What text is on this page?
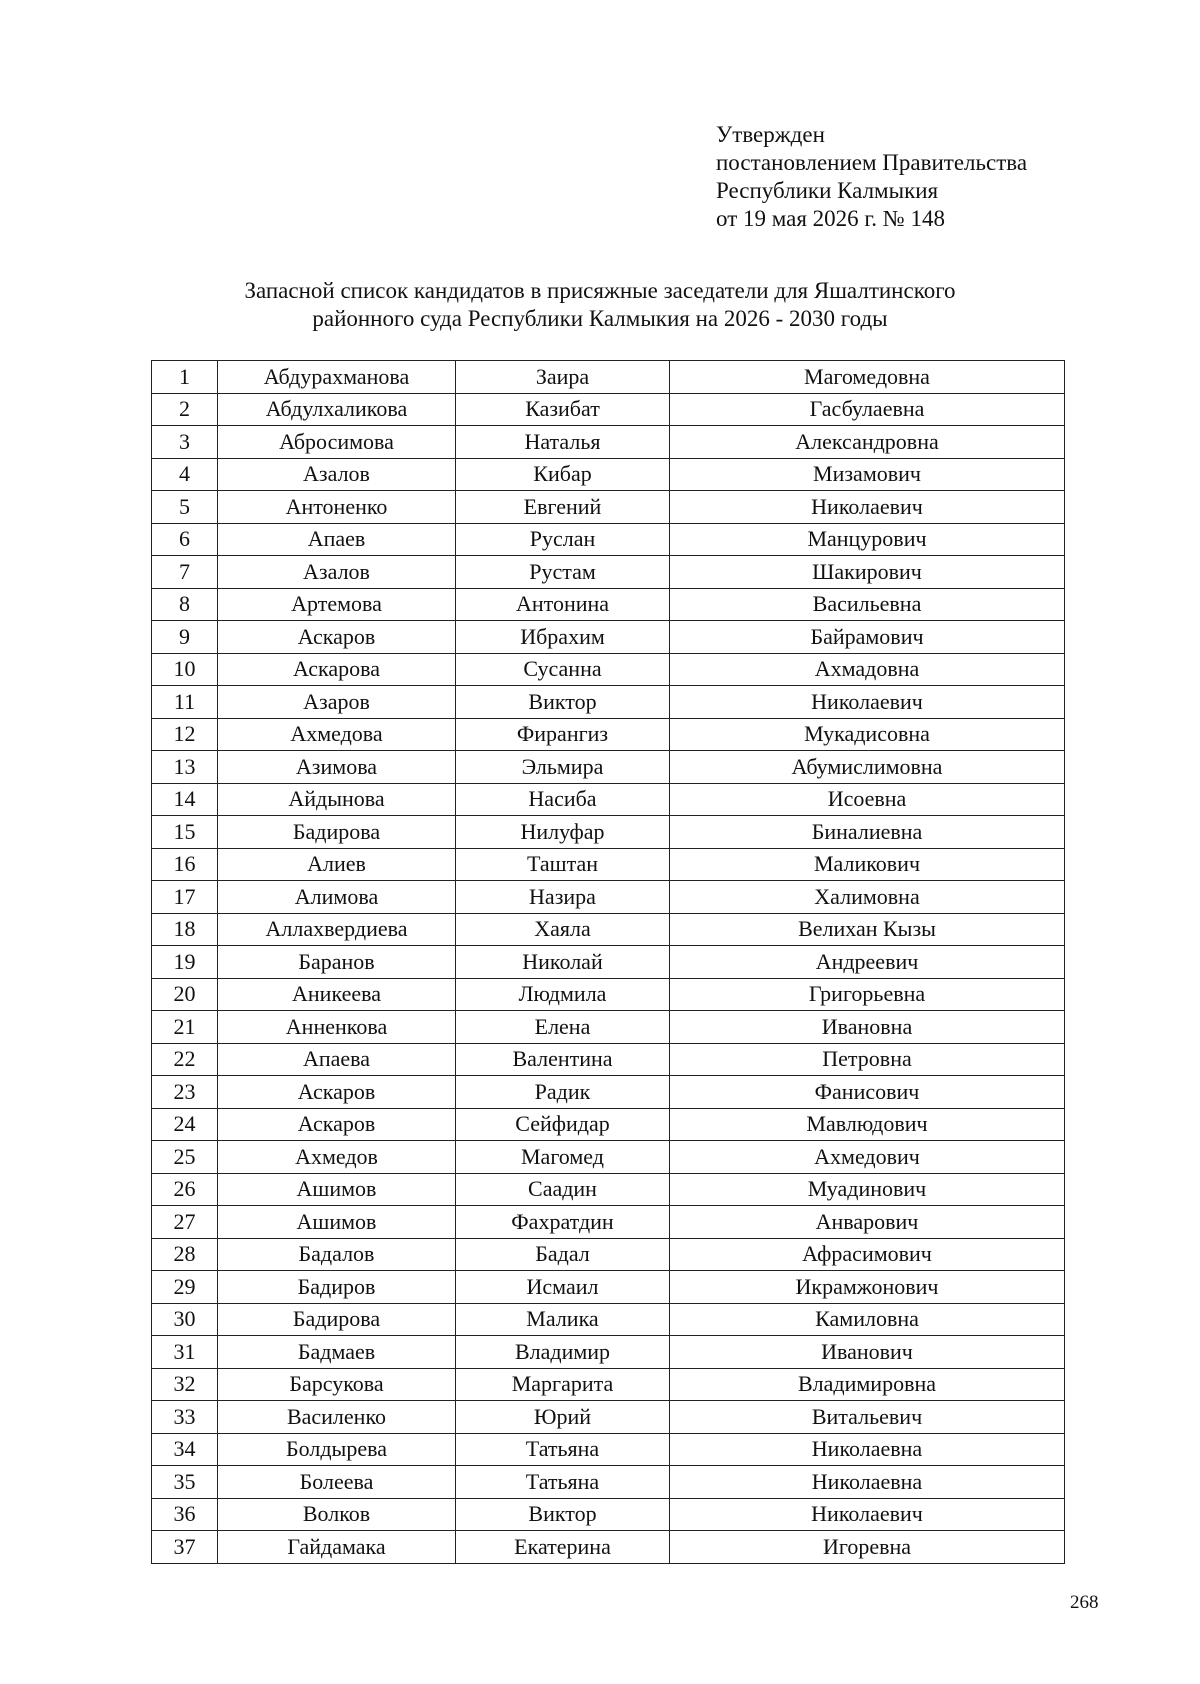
Утвержден
постановлением Правительства
Республики Калмыкия
от 19 мая 2026 г. № 148
Запасной список кандидатов в присяжные заседатели для Яшалтинского
районного суда Республики Калмыкия на 2026 - 2030 годы
1	Абдурахманова	Заира	Магомедовна
2	Абдулхаликова	Казибат	Гасбулаевна
3	Абросимова	Наталья	Александровна
4	Азалов	Кибар	Мизамович
5	Антоненко	Евгений	Николаевич
6	Апаев	Руслан	Манцурович
7	Азалов	Рустам	Шакирович
8	Артемова	Антонина	Васильевна
9	Аскаров	Ибрахим	Байрамович
10	Аскарова	Сусанна	Ахмадовна
11	Азаров	Виктор	Николаевич
12	Ахмедова	Фирангиз	Мукадисовна
13	Азимова	Эльмира	Абумислимовна
14	Айдынова	Насиба	Исоевна
15	Бадирова	Нилуфар	Биналиевна
16	Алиев	Таштан	Маликович
17	Алимова	Назира	Халимовна
18	Аллахвердиева	Хаяла	Велихан Кызы
19	Баранов	Николай	Андреевич
20	Аникеева	Людмила	Григорьевна
21	Анненкова	Елена	Ивановна
22	Апаева	Валентина	Петровна
23	Аскаров	Радик	Фанисович
24	Аскаров	Сейфидар	Мавлюдович
25	Ахмедов	Магомед	Ахмедович
26	Ашимов	Саадин	Муадинович
27	Ашимов	Фахратдин	Анварович
28	Бадалов	Бадал	Афрасимович
29	Бадиров	Исмаил	Икрамжонович
30	Бадирова	Малика	Камиловна
31	Бадмаев	Владимир	Иванович
32	Барсукова	Маргарита	Владимировна
33	Василенко	Юрий	Витальевич
34	Болдырева	Татьяна	Николаевна
35	Болеева	Татьяна	Николаевна
36	Волков	Виктор	Николаевич
37	Гайдамака	Екатерина	Игоревна
268
